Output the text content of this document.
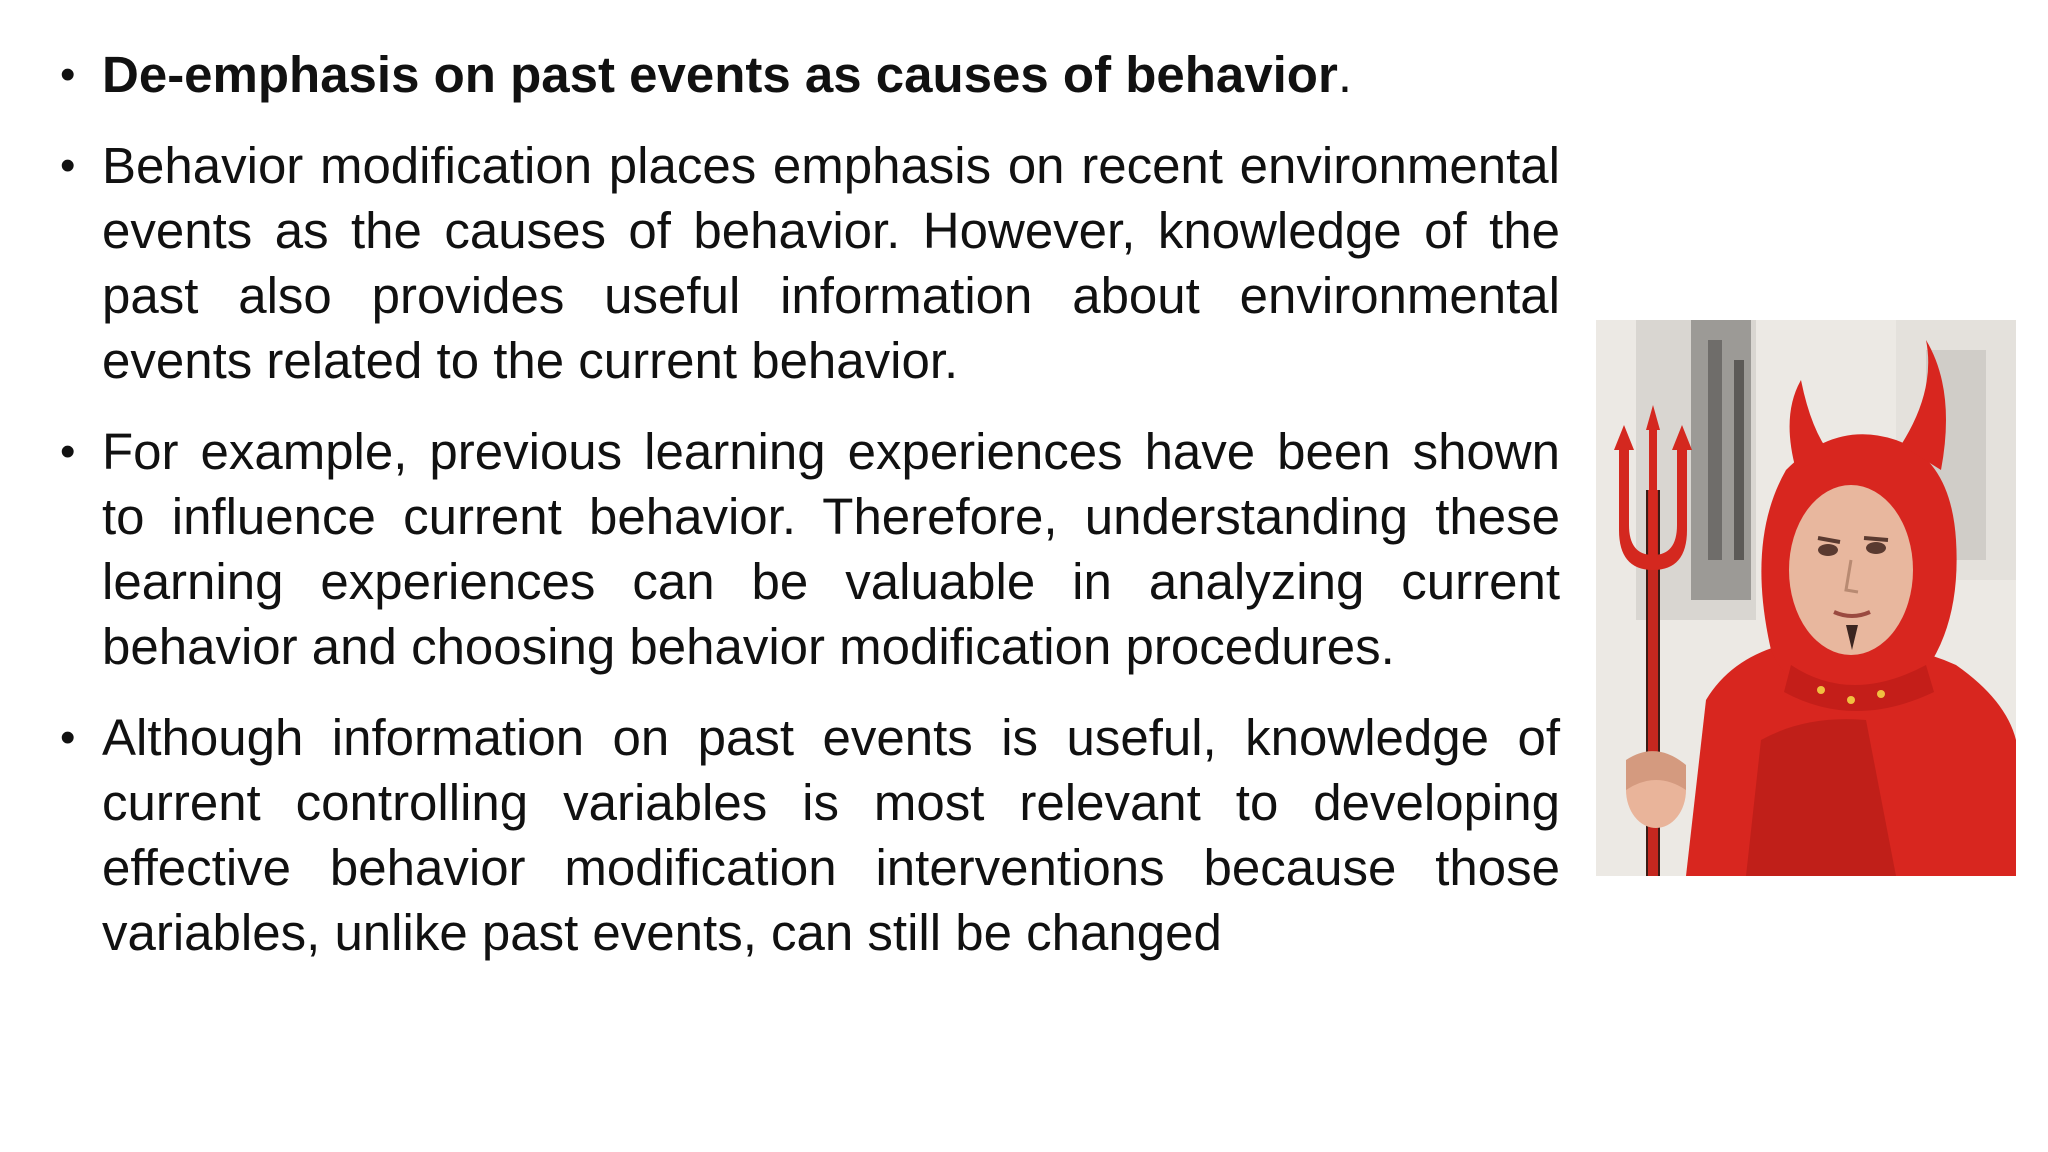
• De-emphasis on past events as causes of behavior.
• Behavior modification places emphasis on recent environmental events as the causes of behavior. However, knowledge of the past also provides useful information about environmental events related to the current behavior.
• For example, previous learning experiences have been shown to influence current behavior. Therefore, understanding these learning experiences can be valuable in analyzing current behavior and choosing behavior modification procedures.
• Although information on past events is useful, knowledge of current controlling variables is most relevant to developing effective behavior modification interventions because those variables, unlike past events, can still be changed
